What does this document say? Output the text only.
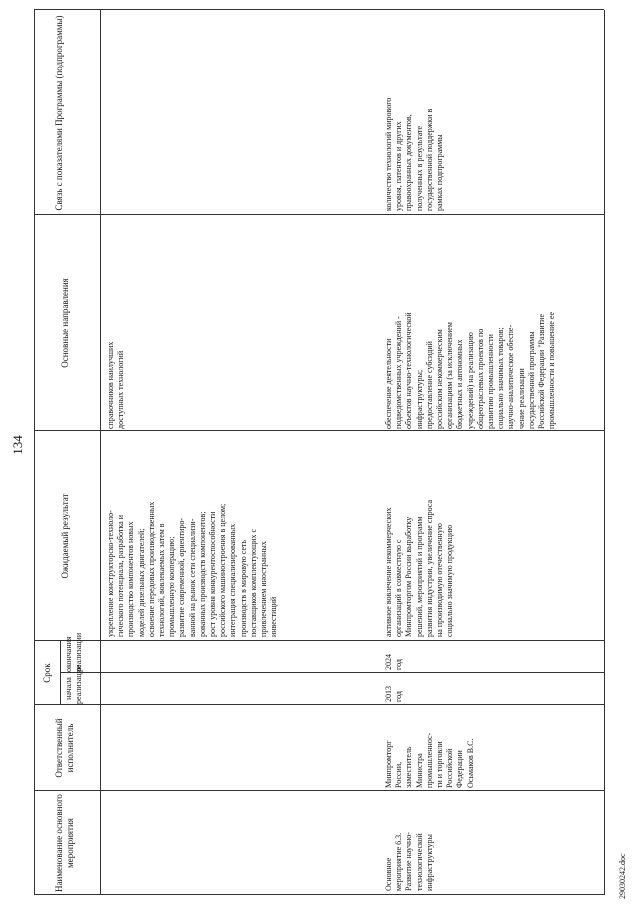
134
Наименование основного мероприятия
Ответственный исполнитель
Срок
начала реализации
окончания реализации
Ожидаемый результат
Основные направления
укрепление конструкторско-техноло-
гического потенциала, разработка и
производство компонентов новых
моделей дизельных двигателей;
освоение передовых производственных
технологий, вовлекаемых затем в
промышленную кооперацию;
развитие современной, ориентиро-
ванной на рынок сети специализи-
рованных производств компонентов;
рост уровня конкурентоспособности
российского машиностроения в целом;
интеграция специализированных
производств в мировую сеть
поставщиков комплектующих с
привлечением иностранных
инвестиций
справочников наилучших
доступных технологий
Основное
мероприятие 6.3.
Развитие научно-
технологической
инфраструктуры
Минпромторг
России,
заместитель
Министра
промышленнос-
ти и торговли
Российской
Федерации
Осьмаков В.С.
2013 год
2024 год
активное вовлечение некоммерческих
организаций в совместную с
Минпромторгом России выработку
решений, мероприятий и программ
развития индустрии, увеличение спроса
на производимую отечественную
социально значимую продукцию
обеспечение деятельности
подведомственных учреждений -
объектов научно-технологической
инфраструктуры;
предоставление субсидий
российским некоммерческим
организациям (за исключением
бюджетных и автономных
учреждений) на реализацию
общеотраслевых проектов по
развитию промышленности
социально значимых товаров;
научно-аналитическое обеспе-
чение реализации
государственной программы
Российской Федерации "Развитие
промышленности и повышение ее
количество технологий мирового
уровня, патентов и других
правоохранных документов,
полученных в результате
государственной поддержки в
рамках подпрограммы
Связь с показателями Программы (подпрограммы)
29030242.doc
